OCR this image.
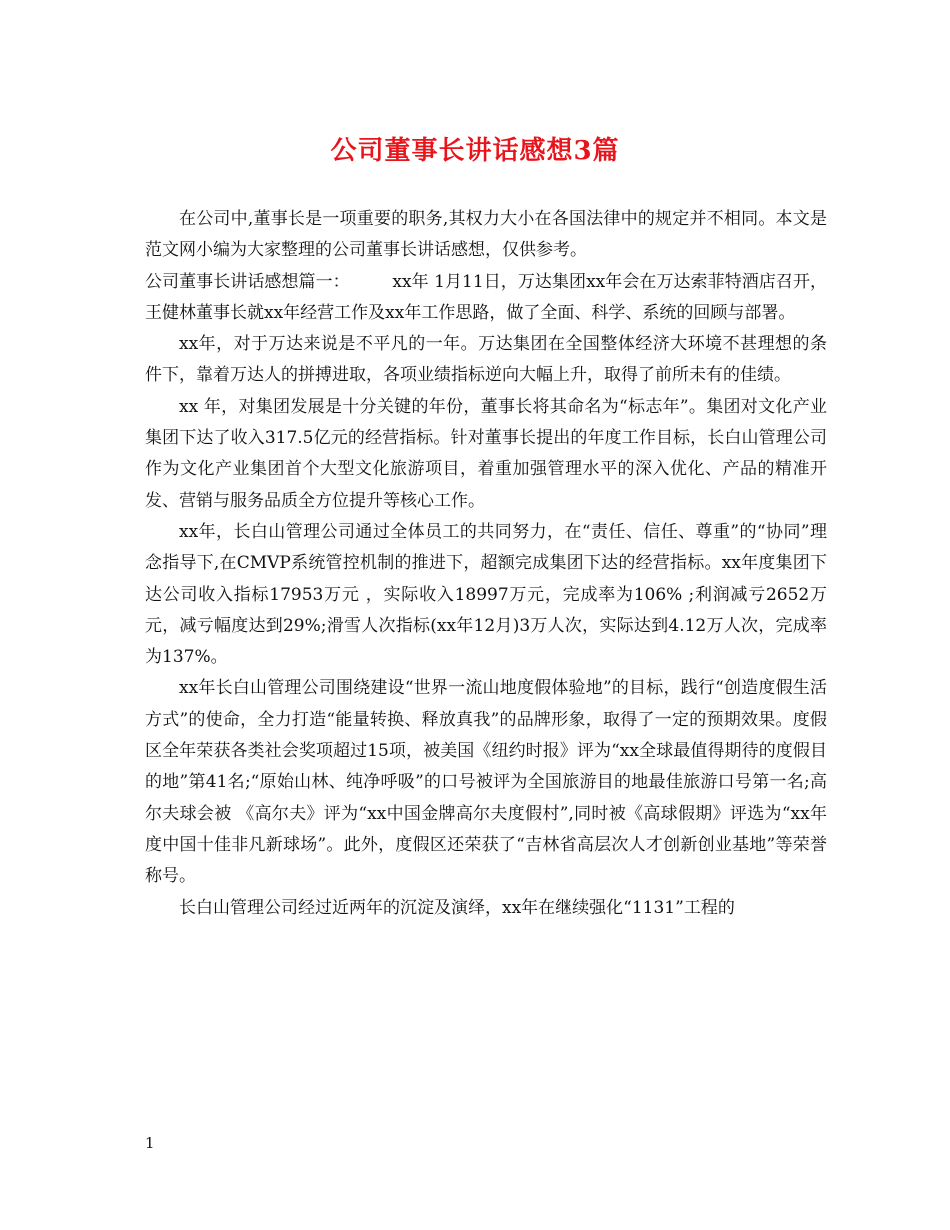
公司董事长讲话感想3篇

在公司中,董事长是一项重要的职务,其权力大小在各国法律中的规定并不相同。本文是范文网小编为大家整理的公司董事长讲话感想，仅供参考。

公司董事长讲话感想篇一：　　　xx年 1月11日，万达集团xx年会在万达索菲特酒店召开，王健林董事长就xx年经营工作及xx年工作思路，做了全面、科学、系统的回顾与部署。

xx年，对于万达来说是不平凡的一年。万达集团在全国整体经济大环境不甚理想的条件下，靠着万达人的拼搏进取，各项业绩指标逆向大幅上升，取得了前所未有的佳绩。

xx 年，对集团发展是十分关键的年份，董事长将其命名为“标志年”。集团对文化产业集团下达了收入317.5亿元的经营指标。针对董事长提出的年度工作目标，长白山管理公司作为文化产业集团首个大型文化旅游项目，着重加强管理水平的深入优化、产品的精准开发、营销与服务品质全方位提升等核心工作。

xx年，长白山管理公司通过全体员工的共同努力，在“责任、信任、尊重”的“协同”理念指导下,在CMVP系统管控机制的推进下，超额完成集团下达的经营指标。xx年度集团下达公司收入指标17953万元 ，实际收入18997万元，完成率为106% ;利润减亏2652万元，减亏幅度达到29%;滑雪人次指标(xx年12月)3万人次，实际达到4.12万人次，完成率为137%。

xx年长白山管理公司围绕建设“世界一流山地度假体验地”的目标，践行“创造度假生活方式”的使命，全力打造“能量转换、释放真我”的品牌形象，取得了一定的预期效果。度假区全年荣获各类社会奖项超过15项，被美国《纽约时报》评为“xx全球最值得期待的度假目的地”第41名;“原始山林、纯净呼吸”的口号被评为全国旅游目的地最佳旅游口号第一名;高尔夫球会被 《高尔夫》评为“xx中国金牌高尔夫度假村”,同时被《高球假期》评选为“xx年度中国十佳非凡新球场”。此外，度假区还荣获了“吉林省高层次人才创新创业基地”等荣誉称号。

长白山管理公司经过近两年的沉淀及演绎，xx年在继续强化“1131”工程的

1
